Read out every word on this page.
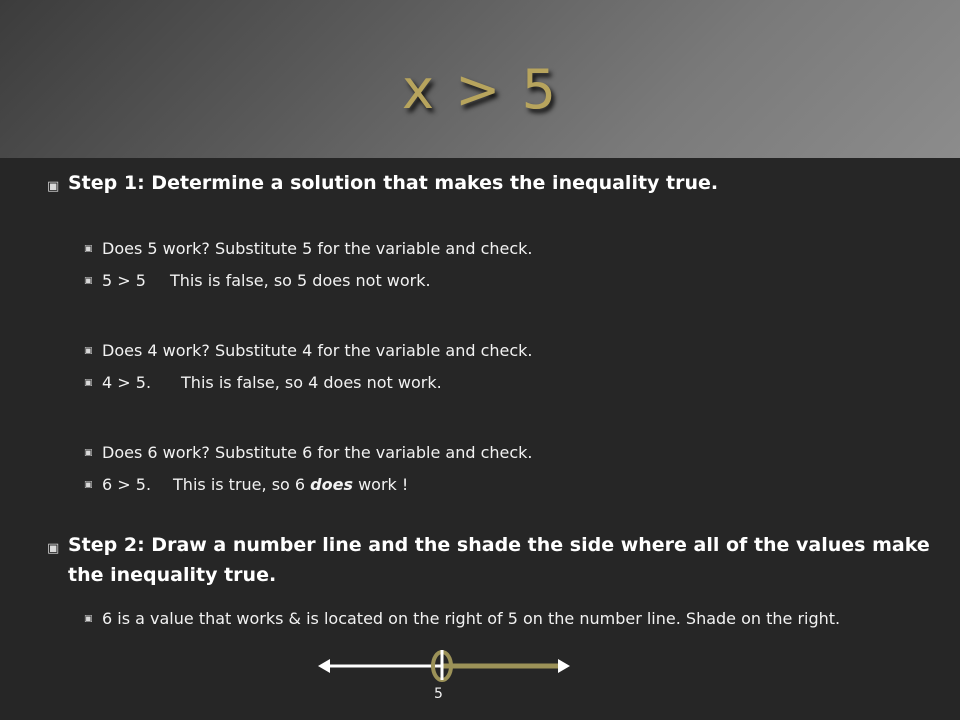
x > 5
▣ Step 1: Determine a solution that makes the inequality true.
▣ Does 5 work? Substitute 5 for the variable and check.
▣ 5 > 5 This is false, so 5 does not work.
▣ Does 4 work? Substitute 4 for the variable and check.
▣ 4 > 5. This is false, so 4 does not work.
▣ Does 6 work? Substitute 6 for the variable and check.
▣ 6 > 5. This is true, so 6 does work !
▣ Step 2: Draw a number line and the shade the side where all of the values make the inequality true.
▣ 6 is a value that works & is located on the right of 5 on the number line. Shade on the right.
5
